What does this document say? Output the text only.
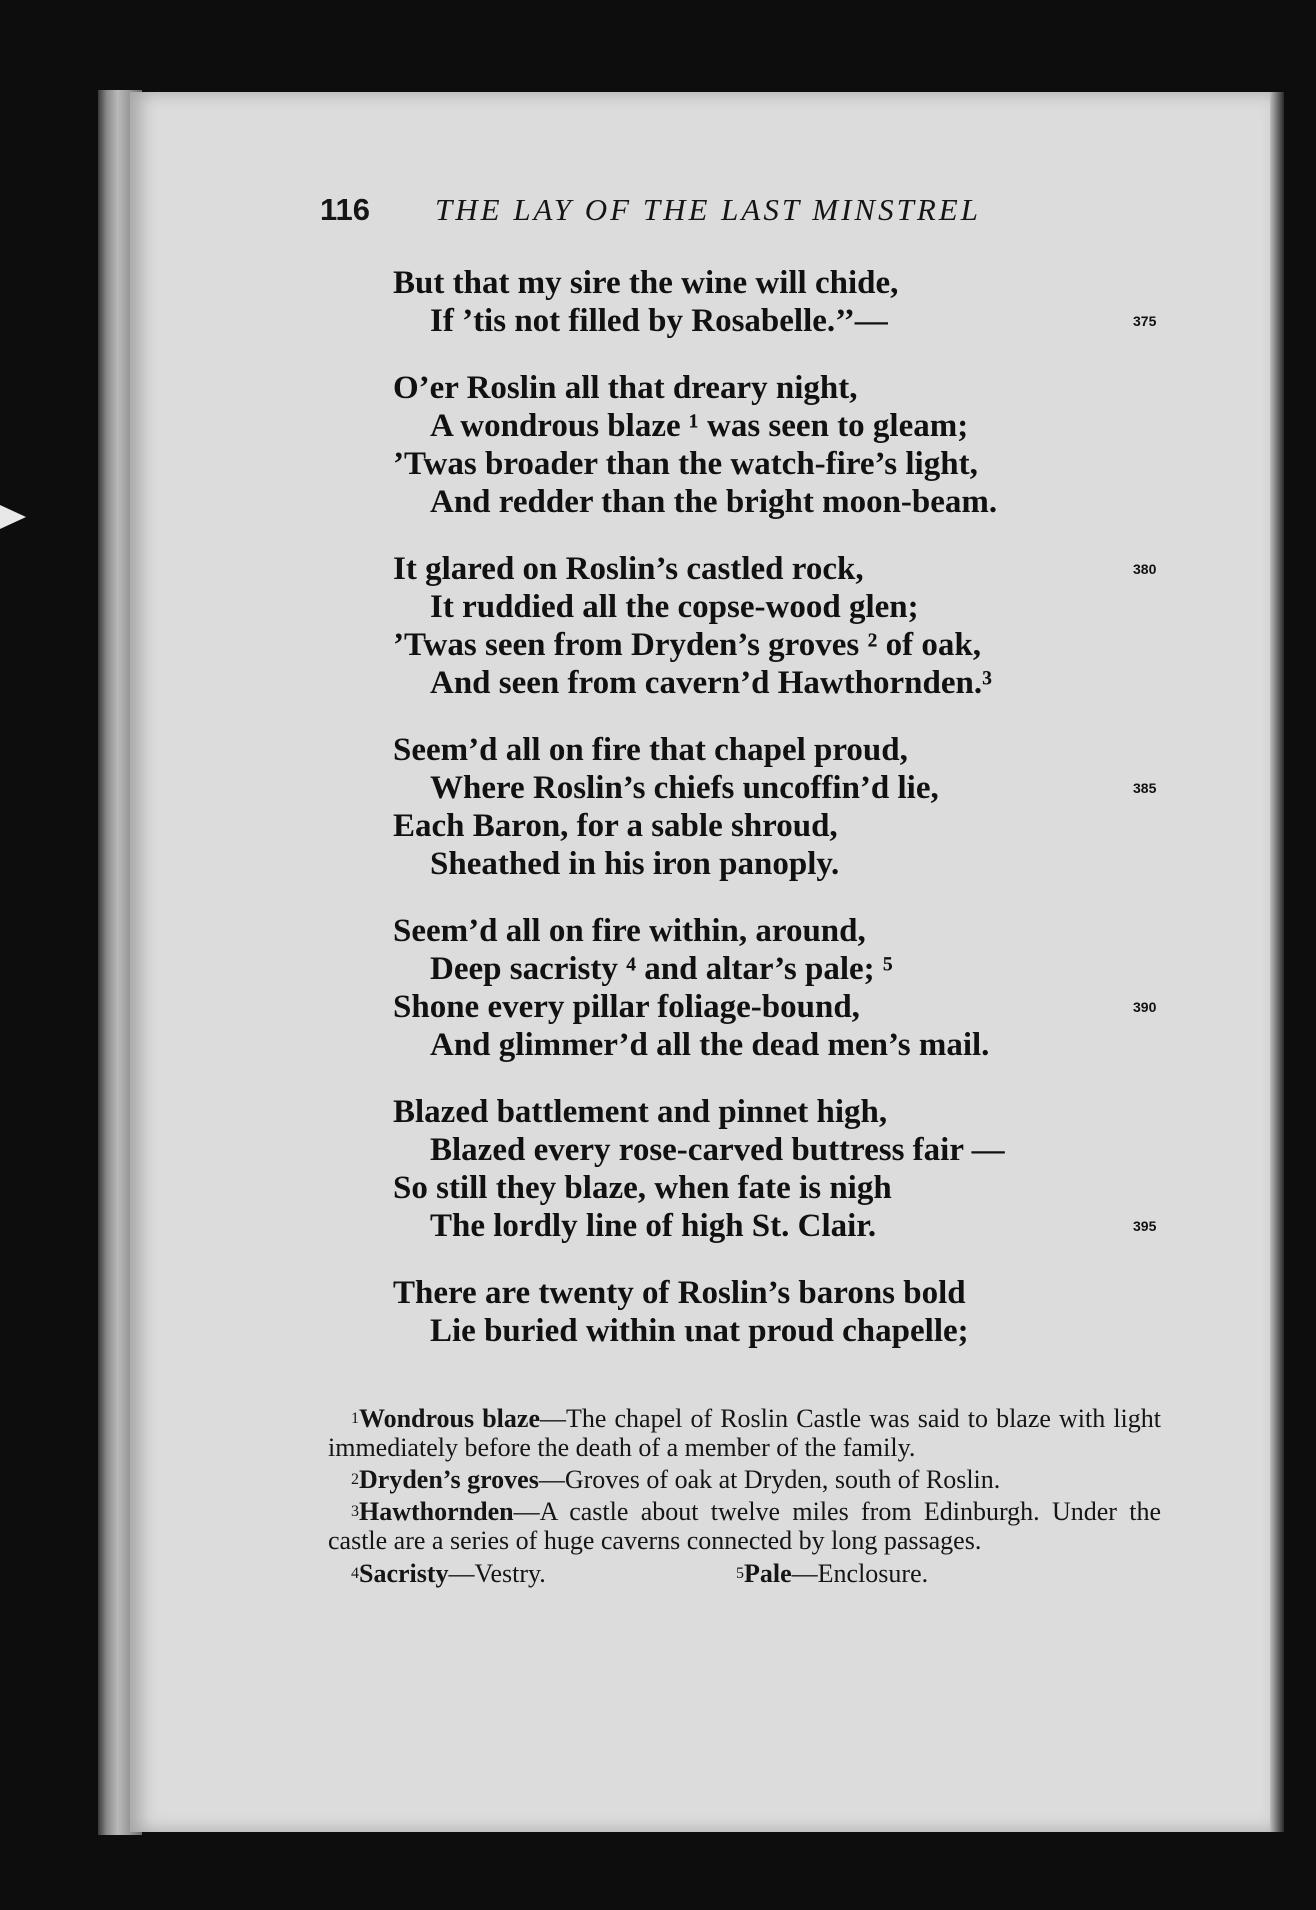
116 THE LAY OF THE LAST MINSTREL
But that my sire the wine will chide,
If ’tis not filled by Rosabelle.’’—	375
O’er Roslin all that dreary night,
A wondrous blaze ¹ was seen to gleam;
’Twas broader than the watch-fire’s light,
And redder than the bright moon-beam.
It glared on Roslin’s castled rock,	380
It ruddied all the copse-wood glen;
’Twas seen from Dryden’s groves ² of oak,
And seen from cavern’d Hawthornden.³
Seem’d all on fire that chapel proud,
Where Roslin’s chiefs uncoffin’d lie,	385
Each Baron, for a sable shroud,
Sheathed in his iron panoply.
Seem’d all on fire within, around,
Deep sacristy ⁴ and altar’s pale; ⁵
Shone every pillar foliage-bound,	390
And glimmer’d all the dead men’s mail.
Blazed battlement and pinnet high,
Blazed every rose-carved buttress fair —
So still they blaze, when fate is nigh
The lordly line of high St. Clair.	395
There are twenty of Roslin’s barons bold
Lie buried within ιnat proud chapelle;
$^1$Wondrous blaze—The chapel of Roslin Castle was said to blaze with light immediately before the death of a member of the family.
$^2$Dryden’s groves—Groves of oak at Dryden, south of Roslin.
$^3$Hawthornden—A castle about twelve miles from Edinburgh. Under the castle are a series of huge caverns connected by long passages.
$^4$Sacristy—Vestry.	$^5$Pale—Enclosure.
